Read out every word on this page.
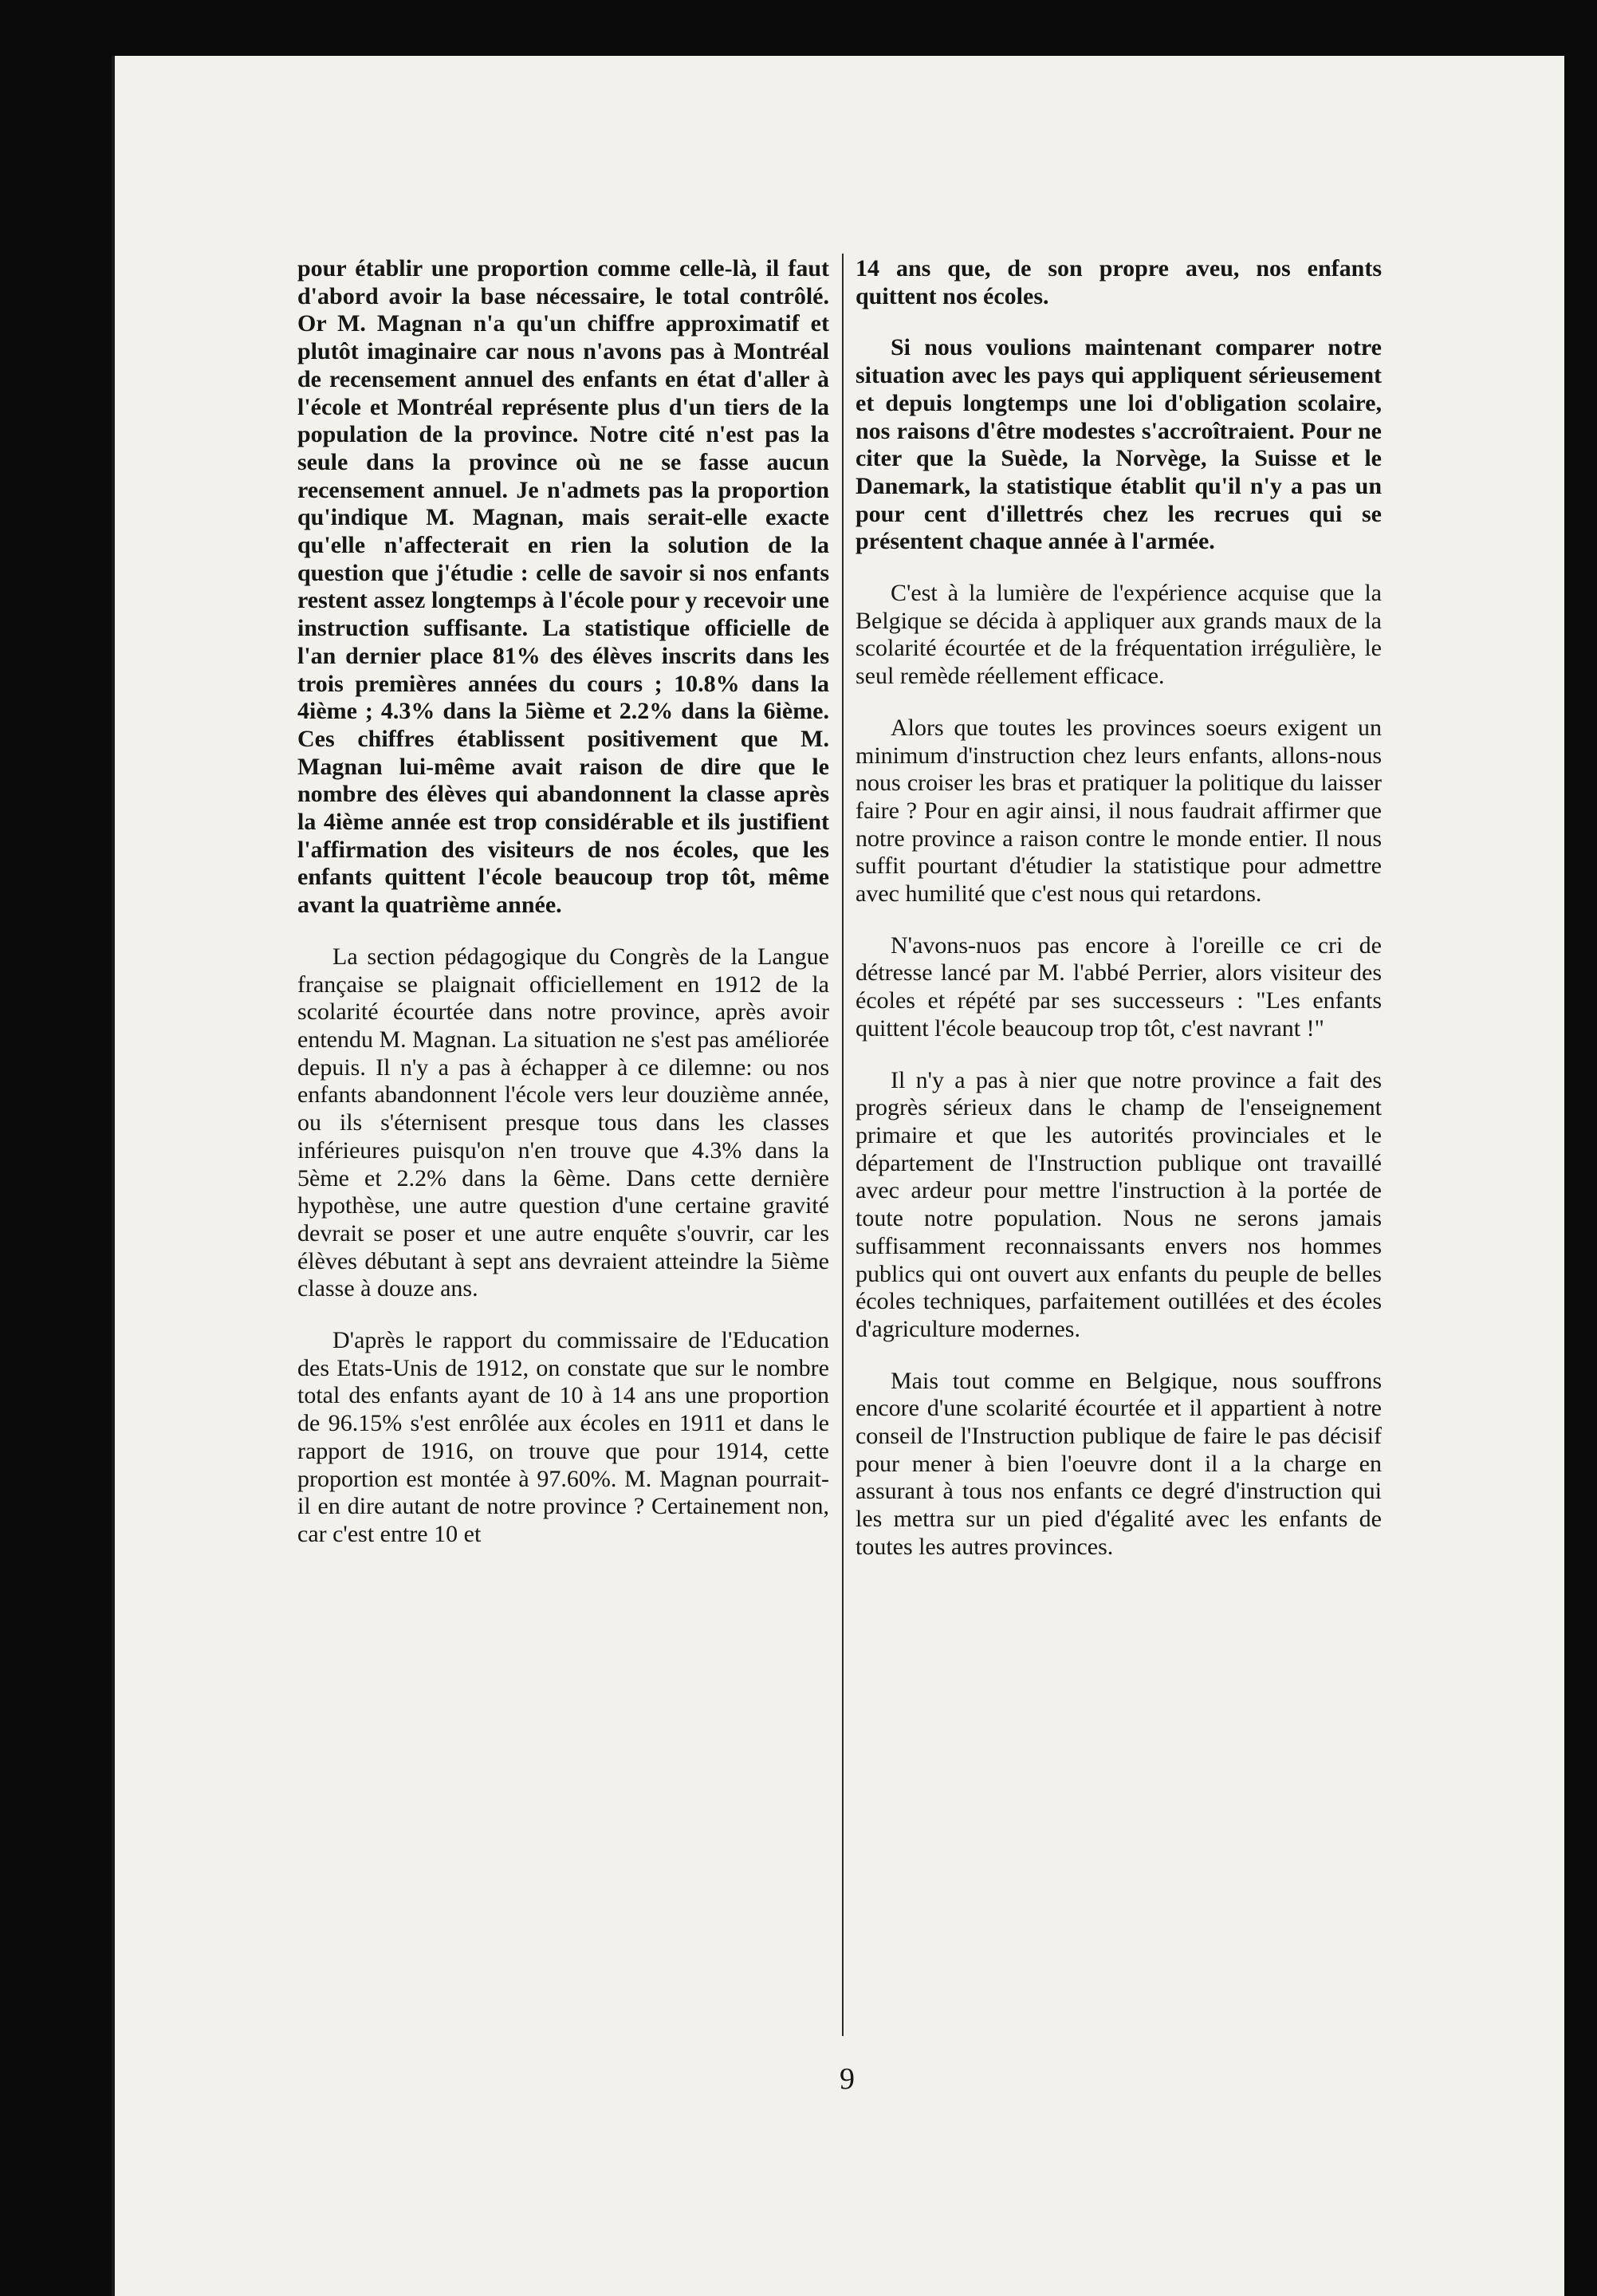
pour établir une proportion comme celle-là, il faut d'abord avoir la base nécessaire, le total contrôlé. Or M. Magnan n'a qu'un chiffre approximatif et plutôt imaginaire car nous n'avons pas à Montréal de recensement annuel des enfants en état d'aller à l'école et Montréal représente plus d'un tiers de la population de la province. Notre cité n'est pas la seule dans la province où ne se fasse aucun recensement annuel. Je n'admets pas la proportion qu'indique M. Magnan, mais serait-elle exacte qu'elle n'affecterait en rien la solution de la question que j'étudie : celle de savoir si nos enfants restent assez longtemps à l'école pour y recevoir une instruction suffisante. La statistique officielle de l'an dernier place 81% des élèves inscrits dans les trois premières années du cours ; 10.8% dans la 4ième ; 4.3% dans la 5ième et 2.2% dans la 6ième. Ces chiffres établissent positivement que M. Magnan lui-même avait raison de dire que le nombre des élèves qui abandonnent la classe après la 4ième année est trop considérable et ils justifient l'affirmation des visiteurs de nos écoles, que les enfants quittent l'école beaucoup trop tôt, même avant la quatrième année.

La section pédagogique du Congrès de la Langue française se plaignait officiellement en 1912 de la scolarité écourtée dans notre province, après avoir entendu M. Magnan. La situation ne s'est pas améliorée depuis. Il n'y a pas à échapper à ce dilemne: ou nos enfants abandonnent l'école vers leur douzième année, ou ils s'éternisent presque tous dans les classes inférieures puisqu'on n'en trouve que 4.3% dans la 5ème et 2.2% dans la 6ème. Dans cette dernière hypothèse, une autre question d'une certaine gravité devrait se poser et une autre enquête s'ouvrir, car les élèves débutant à sept ans devraient atteindre la 5ième classe à douze ans.

D'après le rapport du commissaire de l'Education des Etats-Unis de 1912, on constate que sur le nombre total des enfants ayant de 10 à 14 ans une proportion de 96.15% s'est enrôlée aux écoles en 1911 et dans le rapport de 1916, on trouve que pour 1914, cette proportion est montée à 97.60%. M. Magnan pourrait-il en dire autant de notre province ? Certainement non, car c'est entre 10 et

14 ans que, de son propre aveu, nos enfants quittent nos écoles.

Si nous voulions maintenant comparer notre situation avec les pays qui appliquent sérieusement et depuis longtemps une loi d'obligation scolaire, nos raisons d'être modestes s'accroîtraient. Pour ne citer que la Suède, la Norvège, la Suisse et le Danemark, la statistique établit qu'il n'y a pas un pour cent d'illettrés chez les recrues qui se présentent chaque année à l'armée.

C'est à la lumière de l'expérience acquise que la Belgique se décida à appliquer aux grands maux de la scolarité écourtée et de la fréquentation irrégulière, le seul remède réellement efficace.

Alors que toutes les provinces soeurs exigent un minimum d'instruction chez leurs enfants, allons-nous nous croiser les bras et pratiquer la politique du laisser faire ? Pour en agir ainsi, il nous faudrait affirmer que notre province a raison contre le monde entier. Il nous suffit pourtant d'étudier la statistique pour admettre avec humilité que c'est nous qui retardons.

N'avons-nuos pas encore à l'oreille ce cri de détresse lancé par M. l'abbé Perrier, alors visiteur des écoles et répété par ses successeurs : "Les enfants quittent l'école beaucoup trop tôt, c'est navrant !"

Il n'y a pas à nier que notre province a fait des progrès sérieux dans le champ de l'enseignement primaire et que les autorités provinciales et le département de l'Instruction publique ont travaillé avec ardeur pour mettre l'instruction à la portée de toute notre population. Nous ne serons jamais suffisamment reconnaissants envers nos hommes publics qui ont ouvert aux enfants du peuple de belles écoles techniques, parfaitement outillées et des écoles d'agriculture modernes.

Mais tout comme en Belgique, nous souffrons encore d'une scolarité écourtée et il appartient à notre conseil de l'Instruction publique de faire le pas décisif pour mener à bien l'oeuvre dont il a la charge en assurant à tous nos enfants ce degré d'instruction qui les mettra sur un pied d'égalité avec les enfants de toutes les autres provinces.

9
